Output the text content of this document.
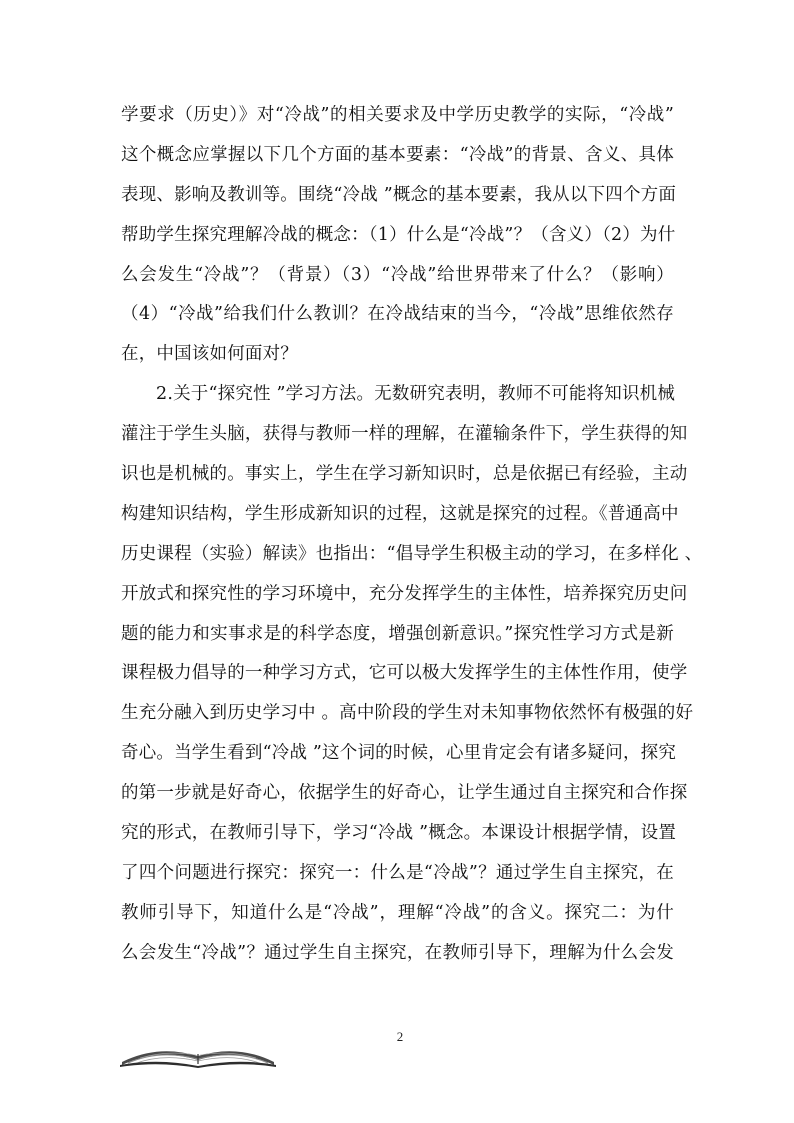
学要求（历史）》对“冷战”的相关要求及中学历史教学的实际，“冷战”
这个概念应掌握以下几个方面的基本要素：“冷战”的背景、含义、具体
表现、影响及教训等。围绕“冷战 ”概念的基本要素，我从以下四个方面
帮助学生探究理解冷战的概念：（1）什么是“冷战”？（含义）（2）为什
么会发生“冷战”？（背景）（3）“冷战”给世界带来了什么？（影响）
（4）“冷战”给我们什么教训？在冷战结束的当今，“冷战”思维依然存
在，中国该如何面对？
2.关于“探究性 ”学习方法。无数研究表明，教师不可能将知识机械
灌注于学生头脑，获得与教师一样的理解，在灌输条件下，学生获得的知
识也是机械的。事实上，学生在学习新知识时，总是依据已有经验，主动
构建知识结构，学生形成新知识的过程，这就是探究的过程。《普通高中
历史课程（实验）解读》也指出：“倡导学生积极主动的学习，在多样化 、
开放式和探究性的学习环境中，充分发挥学生的主体性，培养探究历史问
题的能力和实事求是的科学态度，增强创新意识。”探究性学习方式是新
课程极力倡导的一种学习方式，它可以极大发挥学生的主体性作用，使学
生充分融入到历史学习中 。高中阶段的学生对未知事物依然怀有极强的好
奇心。当学生看到“冷战 ”这个词的时候，心里肯定会有诸多疑问，探究
的第一步就是好奇心，依据学生的好奇心，让学生通过自主探究和合作探
究的形式，在教师引导下，学习“冷战 ”概念。本课设计根据学情，设置
了四个问题进行探究：探究一：什么是“冷战”？通过学生自主探究，在
教师引导下，知道什么是“冷战”，理解“冷战”的含义。探究二：为什
么会发生“冷战”？通过学生自主探究，在教师引导下，理解为什么会发
2
